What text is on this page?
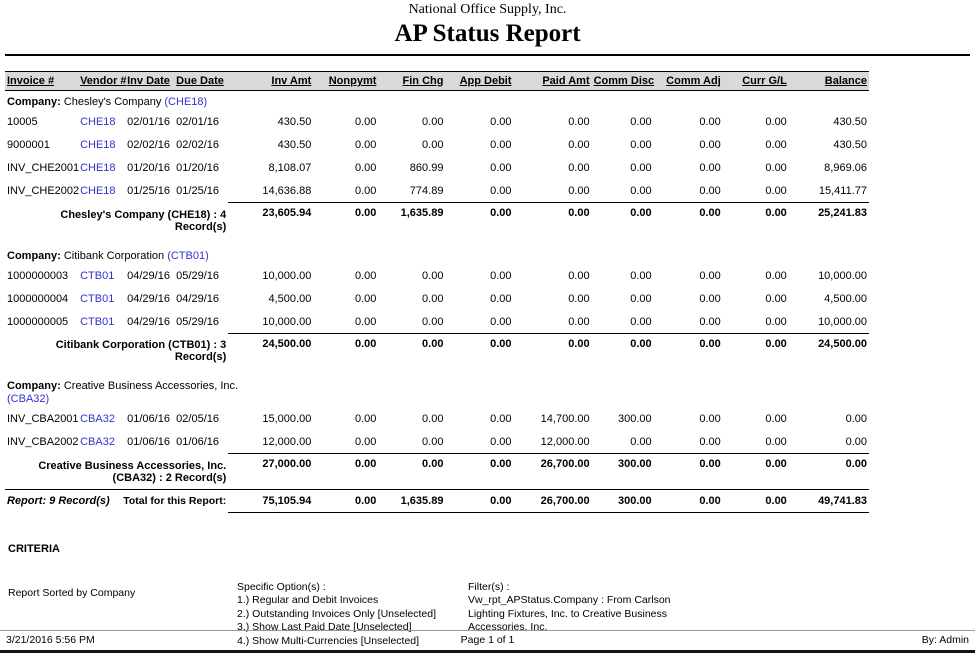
National Office Supply, Inc.
AP Status Report
Invoice #	Vendor #	Inv Date	Due Date	Inv Amt	Nonpymt	Fin Chg	App Debit	Paid Amt	Comm Disc	Comm Adj	Curr G/L	Balance

Company: Chesley's Company (CHE18)												

10005	CHE18	02/01/16	02/01/16	430.50	0.00	0.00	0.00	0.00	0.00	0.00	0.00	430.50
9000001	CHE18	02/02/16	02/02/16	430.50	0.00	0.00	0.00	0.00	0.00	0.00	0.00	430.50
INV_CHE2001	CHE18	01/20/16	01/20/16	8,108.07	0.00	860.99	0.00	0.00	0.00	0.00	0.00	8,969.06
INV_CHE2002	CHE18	01/25/16	01/25/16	14,636.88	0.00	774.89	0.00	0.00	0.00	0.00	0.00	15,411.77
Chesley's Company (CHE18) : 4 Record(s)				23,605.94	0.00	1,635.89	0.00	0.00	0.00	0.00	0.00	25,241.83

Company: Citibank Corporation (CTB01)												

1000000003	CTB01	04/29/16	05/29/16	10,000.00	0.00	0.00	0.00	0.00	0.00	0.00	0.00	10,000.00
1000000004	CTB01	04/29/16	04/29/16	4,500.00	0.00	0.00	0.00	0.00	0.00	0.00	0.00	4,500.00
1000000005	CTB01	04/29/16	05/29/16	10,000.00	0.00	0.00	0.00	0.00	0.00	0.00	0.00	10,000.00
Citibank Corporation (CTB01) : 3 Record(s)				24,500.00	0.00	0.00	0.00	0.00	0.00	0.00	0.00	24,500.00

Company: Creative Business Accessories, Inc. (CBA32)												

INV_CBA2001	CBA32	01/06/16	02/05/16	15,000.00	0.00	0.00	0.00	14,700.00	300.00	0.00	0.00	0.00
INV_CBA2002	CBA32	01/06/16	01/06/16	12,000.00	0.00	0.00	0.00	12,000.00	0.00	0.00	0.00	0.00
Creative Business Accessories, Inc. (CBA32) : 2 Record(s)				27,000.00	0.00	0.00	0.00	26,700.00	300.00	0.00	0.00	0.00

Report: 9 Record(s) Total for this Report:				75,105.94	0.00	1,635.89	0.00	26,700.00	300.00	0.00	0.00	49,741.83
CRITERIA
Report Sorted by Company	Specific Option(s) :
1.) Regular and Debit Invoices
2.) Outstanding Invoices Only [Unselected]
3.) Show Last Paid Date [Unselected]
4.) Show Multi-Currencies [Unselected]
Filter(s) :
Vw_rpt_APStatus.Company : From Carlson Lighting Fixtures, Inc. to Creative Business Accessories, Inc.
3/21/2016 5:56 PM	Page 1 of 1	By: Admin
